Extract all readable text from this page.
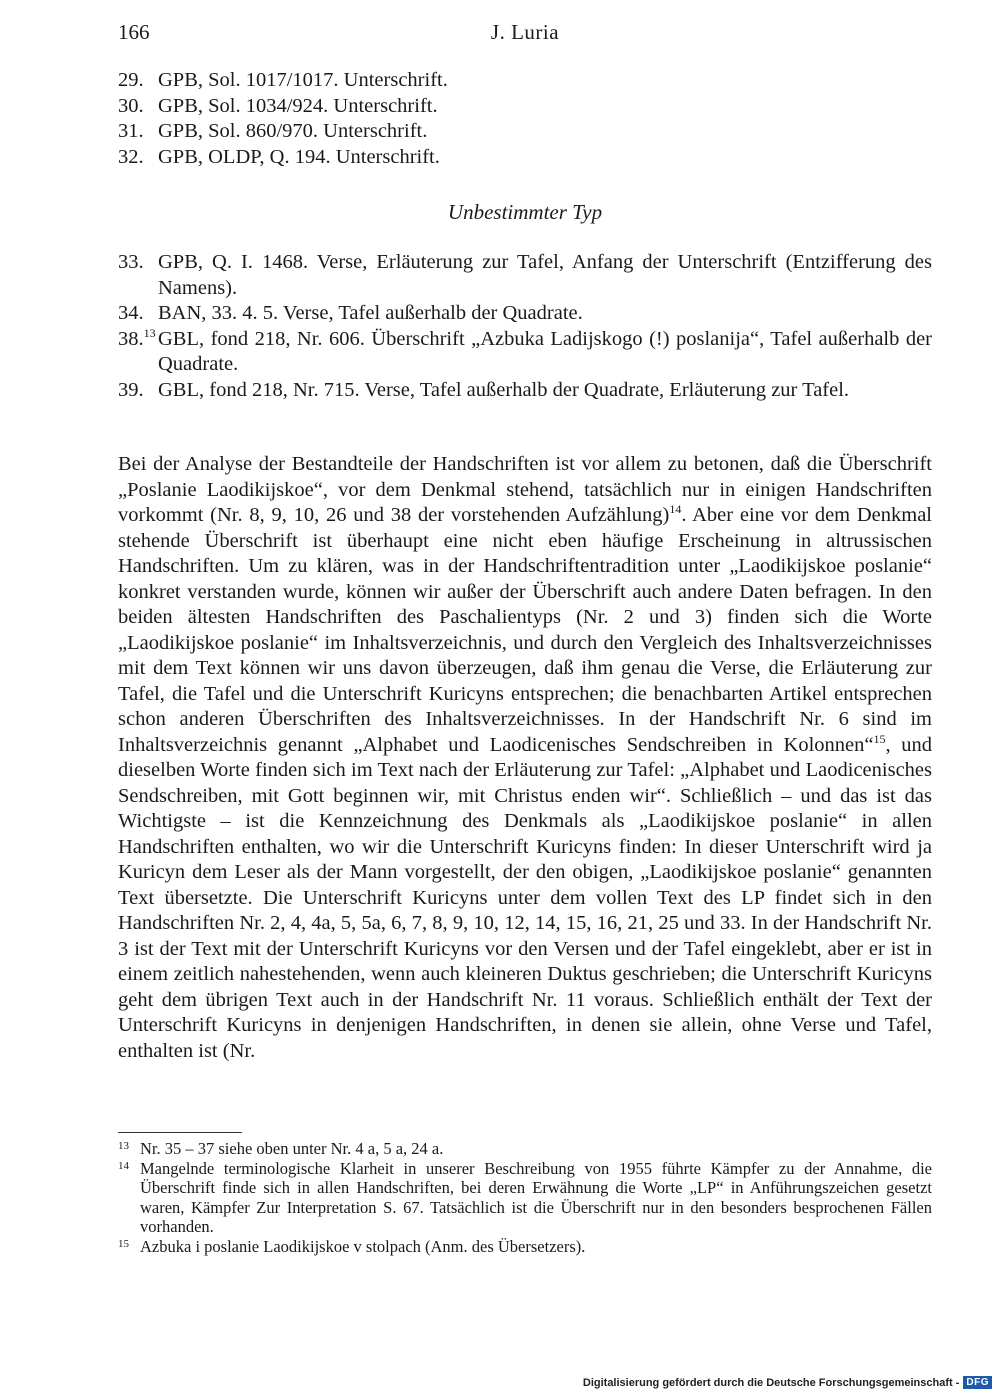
166	J. Luria
29. GPB, Sol. 1017/1017. Unterschrift.
30. GPB, Sol. 1034/924. Unterschrift.
31. GPB, Sol. 860/970. Unterschrift.
32. GPB, OLDP, Q. 194. Unterschrift.
Unbestimmter Typ
33. GPB, Q. I. 1468. Verse, Erläuterung zur Tafel, Anfang der Unterschrift (Entzifferung des Namens).
34. BAN, 33. 4. 5. Verse, Tafel außerhalb der Quadrate.
38.13 GBL, fond 218, Nr. 606. Überschrift „Azbuka Ladijskogo (!) poslanija“, Tafel außerhalb der Quadrate.
39. GBL, fond 218, Nr. 715. Verse, Tafel außerhalb der Quadrate, Erläuterung zur Tafel.
Bei der Analyse der Bestandteile der Handschriften ist vor allem zu betonen, daß die Überschrift „Poslanie Laodikijskoe“, vor dem Denkmal stehend, tatsächlich nur in einigen Handschriften vorkommt (Nr. 8, 9, 10, 26 und 38 der vorstehenden Aufzählung)$^{14}$. Aber eine vor dem Denkmal stehende Überschrift ist überhaupt eine nicht eben häufige Erscheinung in altrussischen Handschriften. Um zu klären, was in der Handschriftentradition unter „Laodikijskoe poslanie“ konkret verstanden wurde, können wir außer der Überschrift auch andere Daten befragen. In den beiden ältesten Handschriften des Paschalientyps (Nr. 2 und 3) finden sich die Worte „Laodikijskoe poslanie“ im Inhaltsverzeichnis, und durch den Vergleich des Inhaltsverzeichnisses mit dem Text können wir uns davon überzeugen, daß ihm genau die Verse, die Erläuterung zur Tafel, die Tafel und die Unterschrift Kuricyns entsprechen; die benachbarten Artikel entsprechen schon anderen Überschriften des Inhaltsverzeichnisses. In der Handschrift Nr. 6 sind im Inhaltsverzeichnis genannt „Alphabet und Laodicenisches Sendschreiben in Kolonnen“$^{15}$, und dieselben Worte finden sich im Text nach der Erläuterung zur Tafel: „Alphabet und Laodicenisches Sendschreiben, mit Gott beginnen wir, mit Christus enden wir“. Schließlich – und das ist das Wichtigste – ist die Kennzeichnung des Denkmals als „Laodikijskoe poslanie“ in allen Handschriften enthalten, wo wir die Unterschrift Kuricyns finden: In dieser Unterschrift wird ja Kuricyn dem Leser als der Mann vorgestellt, der den obigen, „Laodikijskoe poslanie“ genannten Text übersetzte. Die Unterschrift Kuricyns unter dem vollen Text des LP findet sich in den Handschriften Nr. 2, 4, 4a, 5, 5a, 6, 7, 8, 9, 10, 12, 14, 15, 16, 21, 25 und 33. In der Handschrift Nr. 3 ist der Text mit der Unterschrift Kuricyns vor den Versen und der Tafel eingeklebt, aber er ist in einem zeitlich nahestehenden, wenn auch kleineren Duktus geschrieben; die Unterschrift Kuricyns geht dem übrigen Text auch in der Handschrift Nr. 11 voraus. Schließlich enthält der Text der Unterschrift Kuricyns in denjenigen Handschriften, in denen sie allein, ohne Verse und Tafel, enthalten ist (Nr.
13 Nr. 35 – 37 siehe oben unter Nr. 4 a, 5 a, 24 a.
14 Mangelnde terminologische Klarheit in unserer Beschreibung von 1955 führte Kämpfer zu der Annahme, die Überschrift finde sich in allen Handschriften, bei deren Erwähnung die Worte „LP“ in Anführungszeichen gesetzt waren, Kämpfer Zur Interpretation S. 67. Tatsächlich ist die Überschrift nur in den besonders besprochenen Fällen vorhanden.
15 Azbuka i poslanie Laodikijskoe v stolpach (Anm. des Übersetzers).
Digitalisierung gefördert durch die Deutsche Forschungsgemeinschaft - DFG
